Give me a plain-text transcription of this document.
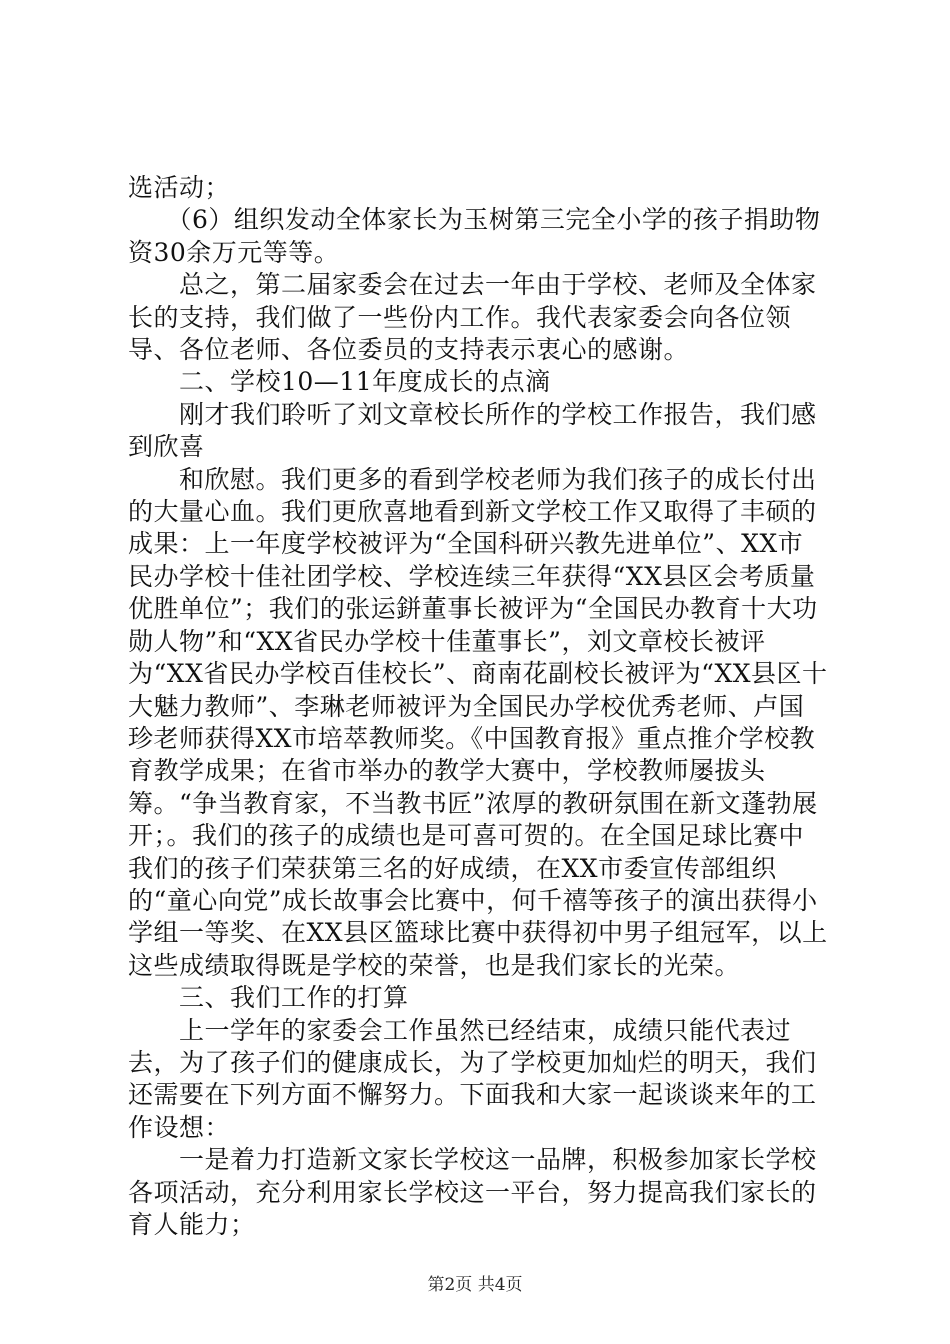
选活动；

　　（6）组织发动全体家长为玉树第三完全小学的孩子捐助物资30余万元等等。

　　总之，第二届家委会在过去一年由于学校、老师及全体家长的支持，我们做了一些份内工作。我代表家委会向各位领导、各位老师、各位委员的支持表示衷心的感谢。

　　二、学校10—11年度成长的点滴

　　刚才我们聆听了刘文章校长所作的学校工作报告，我们感到欣喜

　　和欣慰。我们更多的看到学校老师为我们孩子的成长付出的大量心血。我们更欣喜地看到新文学校工作又取得了丰硕的成果：上一年度学校被评为“全国科研兴教先进单位”、XX市民办学校十佳社团学校、学校连续三年获得“XX县区会考质量优胜单位”；我们的张运鉼董事长被评为“全国民办教育十大功勋人物”和“XX省民办学校十佳董事长”，刘文章校长被评为“XX省民办学校百佳校长”、商南花副校长被评为“XX县区十大魅力教师”、李琳老师被评为全国民办学校优秀老师、卢国珍老师获得XX市培萃教师奖。《中国教育报》重点推介学校教育教学成果；在省市举办的教学大赛中，学校教师屡拔头筹。“争当教育家，不当教书匠”浓厚的教研氛围在新文蓬勃展开；。我们的孩子的成绩也是可喜可贺的。在全国足球比赛中我们的孩子们荣获第三名的好成绩，在XX市委宣传部组织的“童心向党”成长故事会比赛中，何千禧等孩子的演出获得小学组一等奖、在XX县区篮球比赛中获得初中男子组冠军，以上这些成绩取得既是学校的荣誉，也是我们家长的光荣。

　　三、我们工作的打算

　　上一学年的家委会工作虽然已经结束，成绩只能代表过去，为了孩子们的健康成长，为了学校更加灿烂的明天，我们还需要在下列方面不懈努力。下面我和大家一起谈谈来年的工作设想：

　　一是着力打造新文家长学校这一品牌，积极参加家长学校各项活动，充分利用家长学校这一平台，努力提高我们家长的育人能力；

第2页 共4页
